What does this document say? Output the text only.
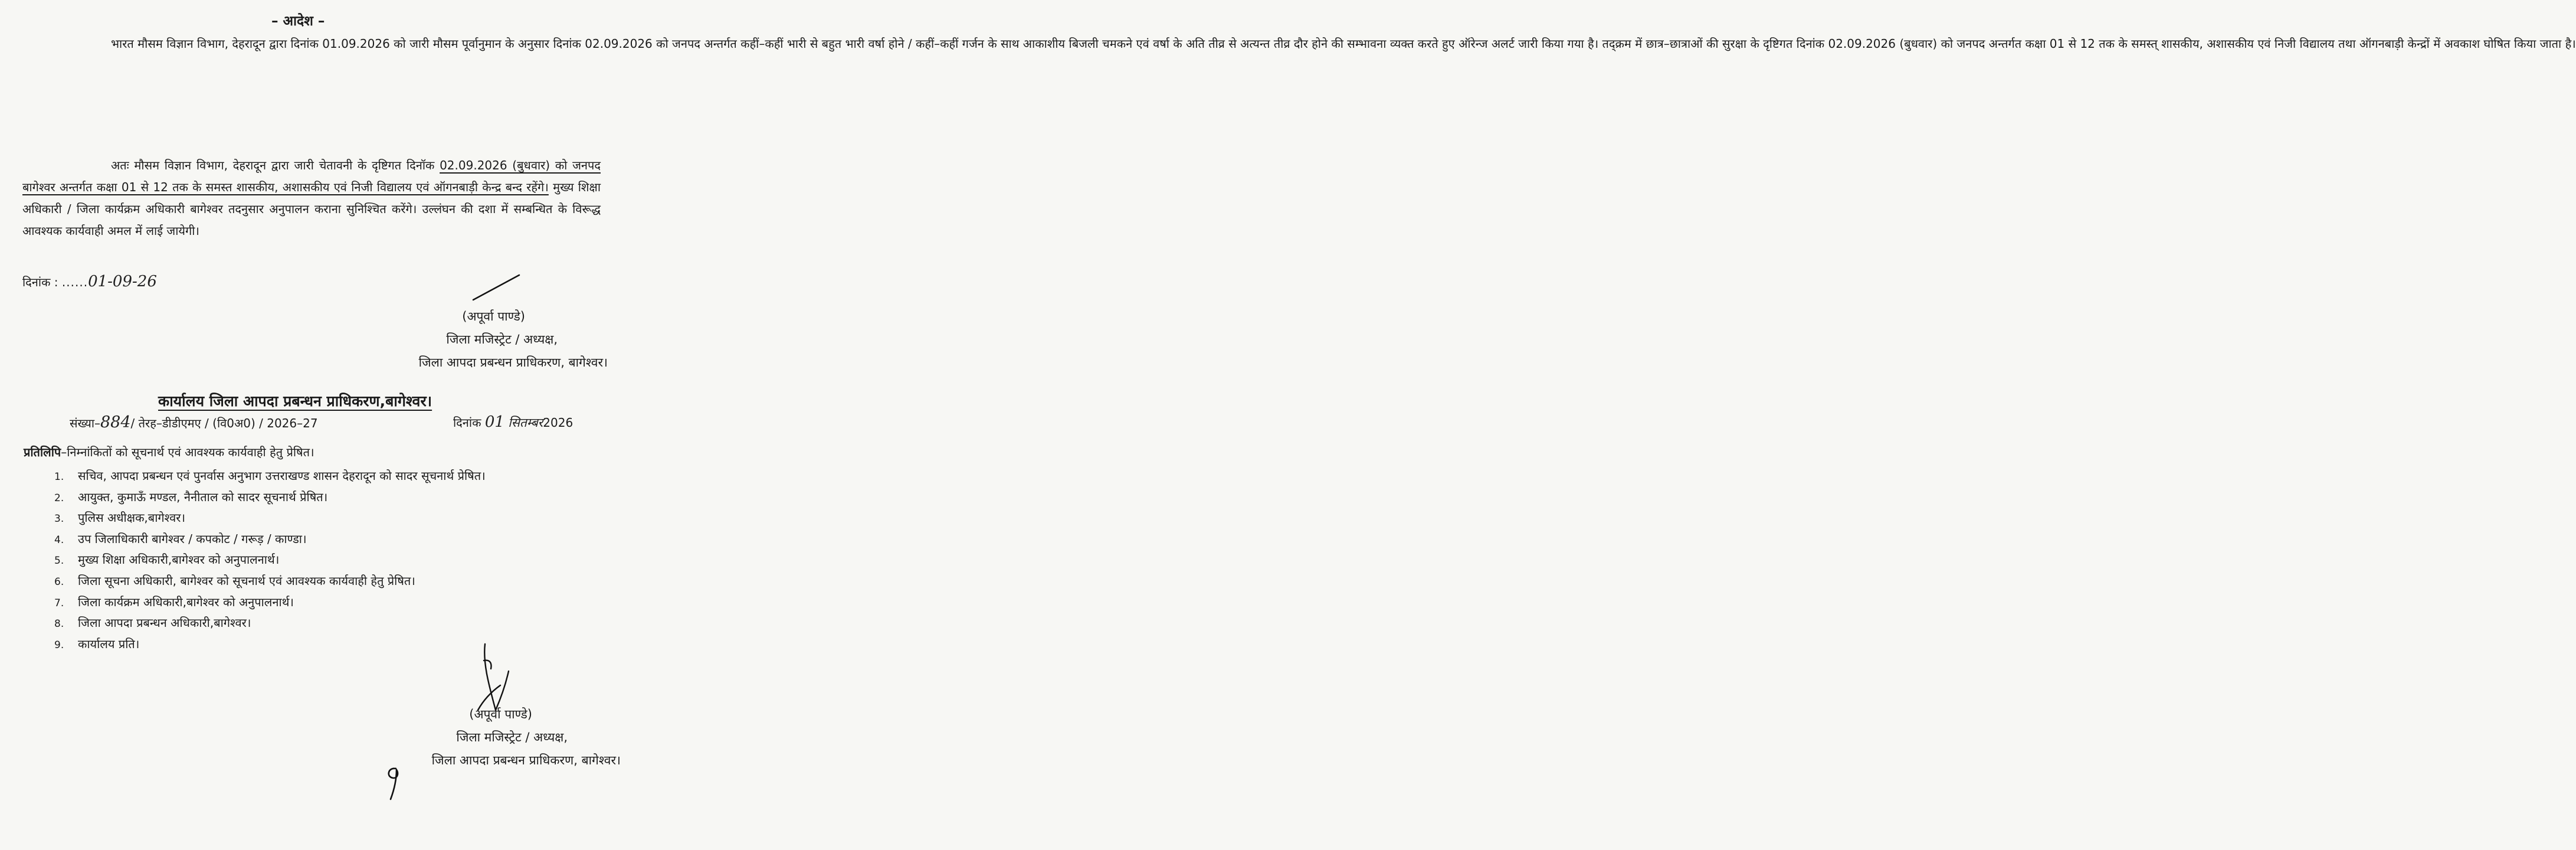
– आदेश –
भारत मौसम विज्ञान विभाग, देहरादून द्वारा दिनांक 01.09.2026 को जारी मौसम पूर्वानुमान के अनुसार दिनांक 02.09.2026 को जनपद अन्तर्गत कहीं–कहीं भारी से बहुत भारी वर्षा होने / कहीं–कहीं गर्जन के साथ आकाशीय बिजली चमकने एवं वर्षा के अति तीव्र से अत्यन्त तीव्र दौर होने की सम्भावना व्यक्त करते हुए ऑरेन्ज अलर्ट जारी किया गया है। तद्क्रम में छात्र–छात्राओं की सुरक्षा के दृष्टिगत दिनांक 02.09.2026 (बुधवार) को जनपद अन्तर्गत कक्षा 01 से 12 तक के समस्त् शासकीय, अशासकीय एवं निजी विद्यालय तथा ऑगनबाड़ी केन्द्रों में अवकाश घोषित किया जाता है।
अतः मौसम विज्ञान विभाग, देहरादून द्वारा जारी चेतावनी के दृष्टिगत दिनॉक 02.09.2026 (बुधवार) को जनपद बागेश्वर अन्तर्गत कक्षा 01 से 12 तक के समस्त शासकीय, अशासकीय एवं निजी विद्यालय एवं ऑगनबाड़ी केन्द्र बन्द रहेंगे। मुख्य शिक्षा अधिकारी / जिला कार्यक्रम अधिकारी बागेश्वर तदनुसार अनुपालन कराना सुनिश्चित करेंगे। उल्लंघन की दशा में सम्बन्धित के विरूद्ध आवश्यक कार्यवाही अमल में लाई जायेगी।
दिनांक : ......01-09-26
(अपूर्वा पाण्डे)
जिला मजिस्ट्रेट / अध्यक्ष,
जिला आपदा प्रबन्धन प्राधिकरण, बागेश्वर।
कार्यालय जिला आपदा प्रबन्धन प्राधिकरण,बागेश्वर।
संख्या–884/ तेरह–डीडीएमए / (वि0अ0) / 2026–27	दिनांक 01 सितम्बर2026
प्रतिलिपि–निम्नांकितों को सूचनार्थ एवं आवश्यक कार्यवाही हेतु प्रेषित।
1. सचिव, आपदा प्रबन्धन एवं पुनर्वास अनुभाग उत्तराखण्ड शासन देहरादून को सादर सूचनार्थ प्रेषित।
2. आयुक्त, कुमाऊँ मण्डल, नैनीताल को सादर सूचनार्थ प्रेषित।
3. पुलिस अधीक्षक,बागेश्वर।
4. उप जिलाधिकारी बागेश्वर / कपकोट / गरूड़ / काण्डा।
5. मुख्य शिक्षा अधिकारी,बागेश्वर को अनुपालनार्थ।
6. जिला सूचना अधिकारी, बागेश्वर को सूचनार्थ एवं आवश्यक कार्यवाही हेतु प्रेषित।
7. जिला कार्यक्रम अधिकारी,बागेश्वर को अनुपालनार्थ।
8. जिला आपदा प्रबन्धन अधिकारी,बागेश्वर।
9. कार्यालय प्रति।
(अपूर्वा पाण्डे)
जिला मजिस्ट्रेट / अध्यक्ष,
जिला आपदा प्रबन्धन प्राधिकरण, बागेश्वर।
